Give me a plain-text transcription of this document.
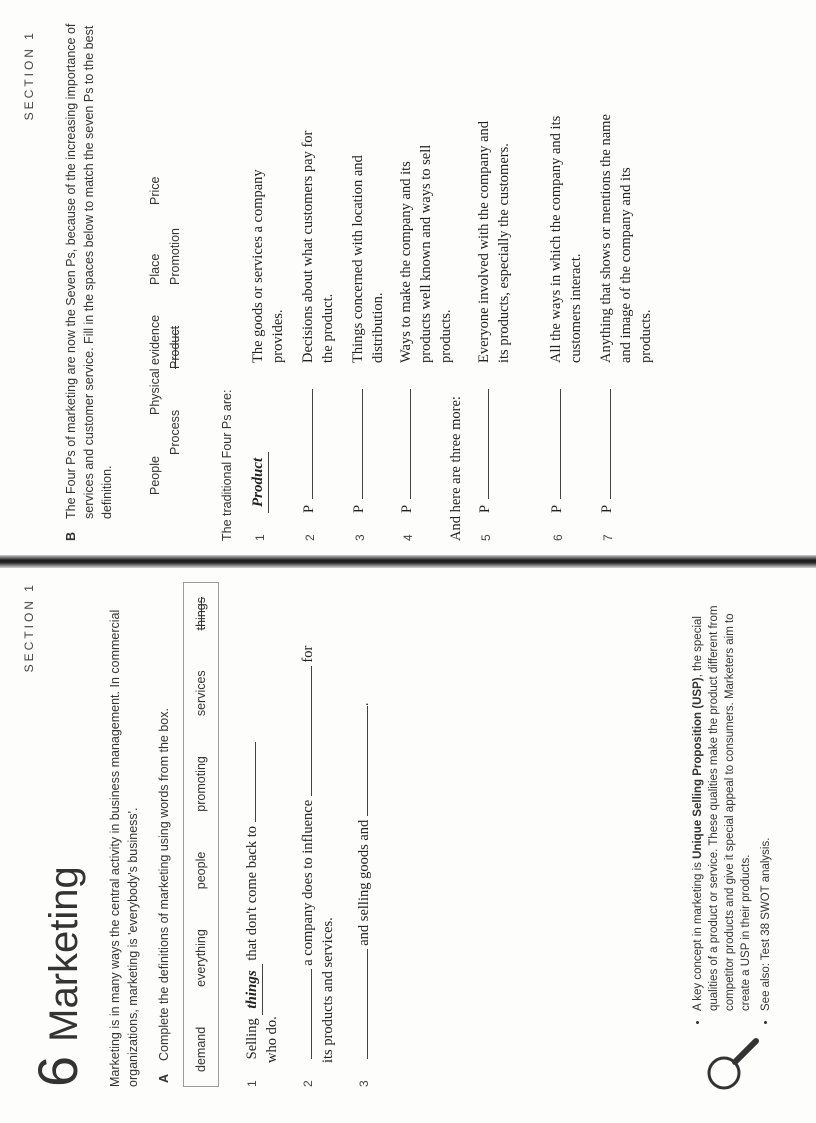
SECTION 1
6
Marketing Marketing is in many ways the central activity in business management. In commercial organizations, marketing is 'everybody's business'. A
Complete the definitions of marketing using words from the box. demand
everything
people
promoting
services
things
1 Selling things that don't come back to
who do.
2  a company does to influence  for
its products and services.
3  and selling goods and .
• A key concept in marketing is Unique Selling Proposition (USP), the special qualities of a product or service. These qualities make the product different from competitor products and give it special appeal to consumers. Marketers aim to create a USP in their products.
• See also: Test 38 SWOT analysis.
SECTION 1
B
The Four Ps of marketing are now the Seven Ps, because of the increasing importance of services and customer service. Fill in the spaces below to match the seven Ps to the best definition.	People
Physical evidence
Place
Price
Process
Product
Promotion
The traditional Four Ps are:	1
Product
The goods or services a company provides.
2
P
Decisions about what customers pay for the product.
3
P
Things concerned with location and distribution.
4
P
Ways to make the company and its products well known and ways to sell products.
And here are three more:	5
P
Everyone involved with the company and its products, especially the customers.
6
P
All the ways in which the company and its customers interact.
7
P
Anything that shows or mentions the name and image of the company and its products.
